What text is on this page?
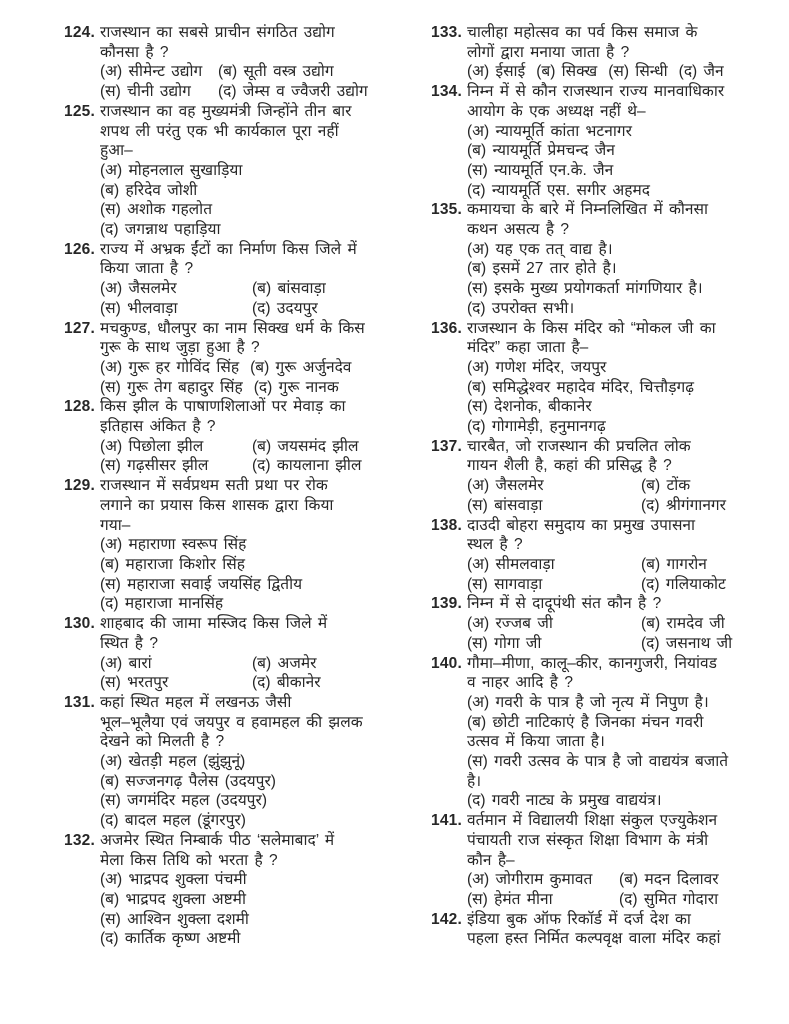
124. राजस्थान का सबसे प्राचीन संगठित उद्योग
कौनसा है ?
(अ) सीमेन्ट उद्योग	(ब) सूती वस्त्र उद्योग
(स) चीनी उद्योग	(द) जेम्स व ज्वैजरी उद्योग
125. राजस्थान का वह मुख्यमंत्री जिन्होंने तीन बार
शपथ ली परंतु एक भी कार्यकाल पूरा नहीं
हुआ–
(अ) मोहनलाल सुखाड़िया
(ब) हरिदेव जोशी
(स) अशोक गहलोत
(द) जगन्नाथ पहाड़िया
126. राज्य में अभ्रक ईंटों का निर्माण किस जिले में
किया जाता है ?
(अ) जैसलमेर	(ब) बांसवाड़ा
(स) भीलवाड़ा	(द) उदयपुर
127. मचकुण्ड, धौलपुर का नाम सिक्ख धर्म के किस
गुरू के साथ जुड़ा हुआ है ?
(अ) गुरू हर गोविंद सिंह (ब) गुरू अर्जुनदेव
(स) गुरू तेग बहादुर सिंह (द) गुरू नानक
128. किस झील के पाषाणशिलाओं पर मेवाड़ का
इतिहास अंकित है ?
(अ) पिछोला झील	(ब) जयसमंद झील
(स) गढ़सीसर झील	(द) कायलाना झील
129. राजस्थान में सर्वप्रथम सती प्रथा पर रोक
लगाने का प्रयास किस शासक द्वारा किया
गया–
(अ) महाराणा स्वरूप सिंह
(ब) महाराजा किशोर सिंह
(स) महाराजा सवाई जयसिंह द्वितीय
(द) महाराजा मानसिंह
130. शाहबाद की जामा मस्जिद किस जिले में
स्थित है ?
(अ) बारां	(ब) अजमेर
(स) भरतपुर	(द) बीकानेर
131. कहां स्थित महल में लखनऊ जैसी
भूल–भूलैया एवं जयपुर व हवामहल की झलक
देखने को मिलती है ?
(अ) खेतड़ी महल (झुंझुनूं)
(ब) सज्जनगढ़ पैलेस (उदयपुर)
(स) जगमंदिर महल (उदयपुर)
(द) बादल महल (डूंगरपुर)
132. अजमेर स्थित निम्बार्क पीठ ‘सलेमाबाद’ में
मेला किस तिथि को भरता है ?
(अ) भाद्रपद शुक्ला पंचमी
(ब) भाद्रपद शुक्ला अष्टमी
(स) आश्विन शुक्ला दशमी
(द) कार्तिक कृष्ण अष्टमी
133. चालीहा महोत्सव का पर्व किस समाज के
लोगों द्वारा मनाया जाता है ?
(अ) ईसाई (ब) सिक्ख (स) सिन्धी (द) जैन
134. निम्न में से कौन राजस्थान राज्य मानवाधिकार
आयोग के एक अध्यक्ष नहीं थे–
(अ) न्यायमूर्ति कांता भटनागर
(ब) न्यायमूर्ति प्रेमचन्द जैन
(स) न्यायमूर्ति एन.के. जैन
(द) न्यायमूर्ति एस. सगीर अहमद
135. कमायचा के बारे में निम्नलिखित में कौनसा
कथन असत्य है ?
(अ) यह एक तत् वाद्य है।
(ब) इसमें 27 तार होते है।
(स) इसके मुख्य प्रयोगकर्ता मांगणियार है।
(द) उपरोक्त सभी।
136. राजस्थान के किस मंदिर को “मोकल जी का
मंदिर” कहा जाता है–
(अ) गणेश मंदिर, जयपुर
(ब) समिद्धेश्वर महादेव मंदिर, चित्तौड़गढ़
(स) देशनोक, बीकानेर
(द) गोगामेड़ी, हनुमानगढ़
137. चारबैत, जो राजस्थान की प्रचलित लोक
गायन शैली है, कहां की प्रसिद्ध है ?
(अ) जैसलमेर	(ब) टोंक
(स) बांसवाड़ा	(द) श्रीगंगानगर
138. दाउदी बोहरा समुदाय का प्रमुख उपासना
स्थल है ?
(अ) सीमलवाड़ा	(ब) गागरोन
(स) सागवाड़ा	(द) गलियाकोट
139. निम्न में से दादूपंथी संत कौन है ?
(अ) रज्जब जी	(ब) रामदेव जी
(स) गोगा जी	(द) जसनाथ जी
140. गौमा–मीणा, कालू–कीर, कानगुजरी, नियांवड
व नाहर आदि है ?
(अ) गवरी के पात्र है जो नृत्य में निपुण है।
(ब) छोटी नाटिकाएं है जिनका मंचन गवरी
उत्सव में किया जाता है।
(स) गवरी उत्सव के पात्र है जो वाद्ययंत्र बजाते
है।
(द) गवरी नाट्य के प्रमुख वाद्ययंत्र।
141. वर्तमान में विद्यालयी शिक्षा संकुल एज्युकेशन
पंचायती राज संस्कृत शिक्षा विभाग के मंत्री
कौन है–
(अ) जोगीराम कुमावत	(ब) मदन दिलावर
(स) हेमंत मीना	(द) सुमित गोदारा
142. इंडिया बुक ऑफ रिकॉर्ड में दर्ज देश का
पहला हस्त निर्मित कल्पवृक्ष वाला मंदिर कहां
